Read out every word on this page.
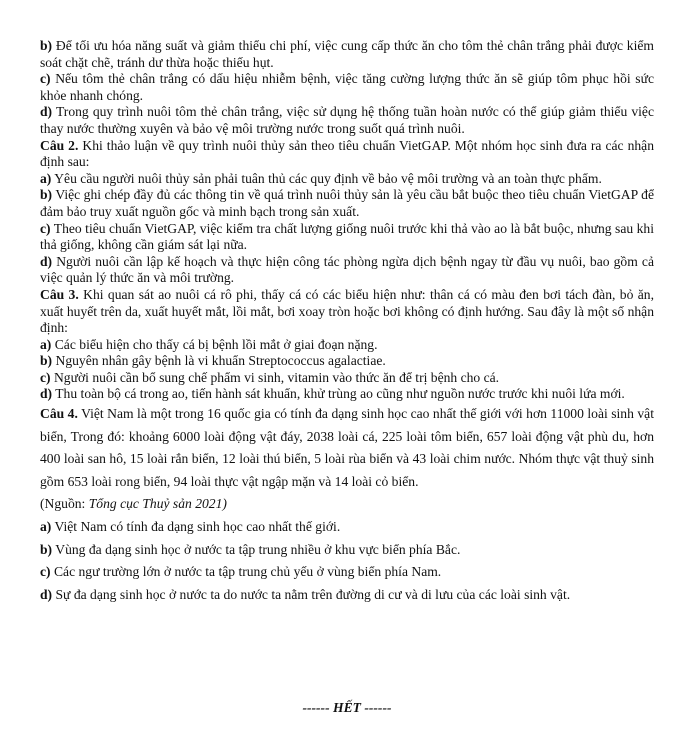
b) Để tối ưu hóa năng suất và giảm thiểu chi phí, việc cung cấp thức ăn cho tôm thẻ chân trắng phải được kiểm soát chặt chẽ, tránh dư thừa hoặc thiếu hụt.

c) Nếu tôm thẻ chân trắng có dấu hiệu nhiễm bệnh, việc tăng cường lượng thức ăn sẽ giúp tôm phục hồi sức khỏe nhanh chóng.

d) Trong quy trình nuôi tôm thẻ chân trắng, việc sử dụng hệ thống tuần hoàn nước có thể giúp giảm thiểu việc thay nước thường xuyên và bảo vệ môi trường nước trong suốt quá trình nuôi.

Câu 2. Khi thảo luận về quy trình nuôi thủy sản theo tiêu chuẩn VietGAP. Một nhóm học sinh đưa ra các nhận định sau:

a) Yêu cầu người nuôi thủy sản phải tuân thủ các quy định về bảo vệ môi trường và an toàn thực phẩm.

b) Việc ghi chép đầy đủ các thông tin về quá trình nuôi thủy sản là yêu cầu bắt buộc theo tiêu chuẩn VietGAP để đảm bảo truy xuất nguồn gốc và minh bạch trong sản xuất.

c) Theo tiêu chuẩn VietGAP, việc kiểm tra chất lượng giống nuôi trước khi thả vào ao là bắt buộc, nhưng sau khi thả giống, không cần giám sát lại nữa.

d) Người nuôi cần lập kế hoạch và thực hiện công tác phòng ngừa dịch bệnh ngay từ đầu vụ nuôi, bao gồm cả việc quản lý thức ăn và môi trường.

Câu 3. Khi quan sát ao nuôi cá rô phi, thấy cá có các biểu hiện như: thân cá có màu đen bơi tách đàn, bỏ ăn, xuất huyết trên da, xuất huyết mắt, lồi mắt, bơi xoay tròn hoặc bơi không có định hướng. Sau đây là một số nhận định:

a) Các biểu hiện cho thấy cá bị bệnh lồi mắt ở giai đoạn nặng.

b) Nguyên nhân gây bệnh là vi khuẩn Streptococcus agalactiae.

c) Người nuôi cần bổ sung chế phẩm vi sinh, vitamin vào thức ăn để trị bệnh cho cá.

d) Thu toàn bộ cá trong ao, tiến hành sát khuẩn, khử trùng ao cũng như nguồn nước trước khi nuôi lứa mới.

Câu 4. Việt Nam là một trong 16 quốc gia có tính đa dạng sinh học cao nhất thế giới với hơn 11000 loài sinh vật biển, Trong đó: khoảng 6000 loài động vật đáy, 2038 loài cá, 225 loài tôm biển, 657 loài động vật phù du, hơn 400 loài san hô, 15 loài rắn biển, 12 loài thú biển, 5 loài rùa biển và 43 loài chim nước. Nhóm thực vật thuỷ sinh gồm 653 loài rong biển, 94 loài thực vật ngập mặn và 14 loài cỏ biển.

(Nguồn: Tổng cục Thuỷ sản 2021)

a) Việt Nam có tính đa dạng sinh học cao nhất thế giới.

b) Vùng đa dạng sinh học ở nước ta tập trung nhiều ở khu vực biển phía Bắc.

c) Các ngư trường lớn ở nước ta tập trung chủ yếu ở vùng biển phía Nam.

d) Sự đa dạng sinh học ở nước ta do nước ta nằm trên đường di cư và di lưu của các loài sinh vật.

------ HẾT ------
